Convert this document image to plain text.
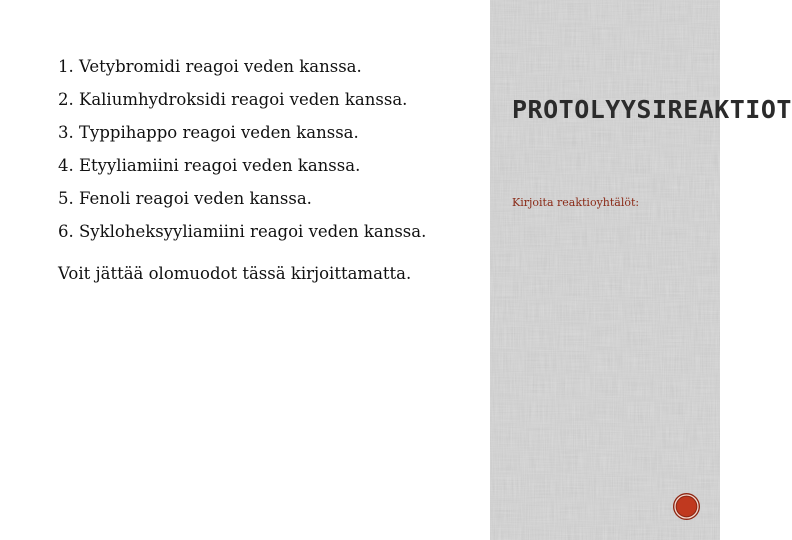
1. Vetybromidi reagoi veden kanssa.
2. Kaliumhydroksidi reagoi veden kanssa.
3. Typpihappo reagoi veden kanssa.
4. Etyyliamiini reagoi veden kanssa.
5. Fenoli reagoi veden kanssa.
6. Sykloheksyyliamiini reagoi veden kanssa.
Voit jättää olomuodot tässä kirjoittamatta.
PROTOLYYSIREAKTIOT
Kirjoita reaktioyhtälöt:
